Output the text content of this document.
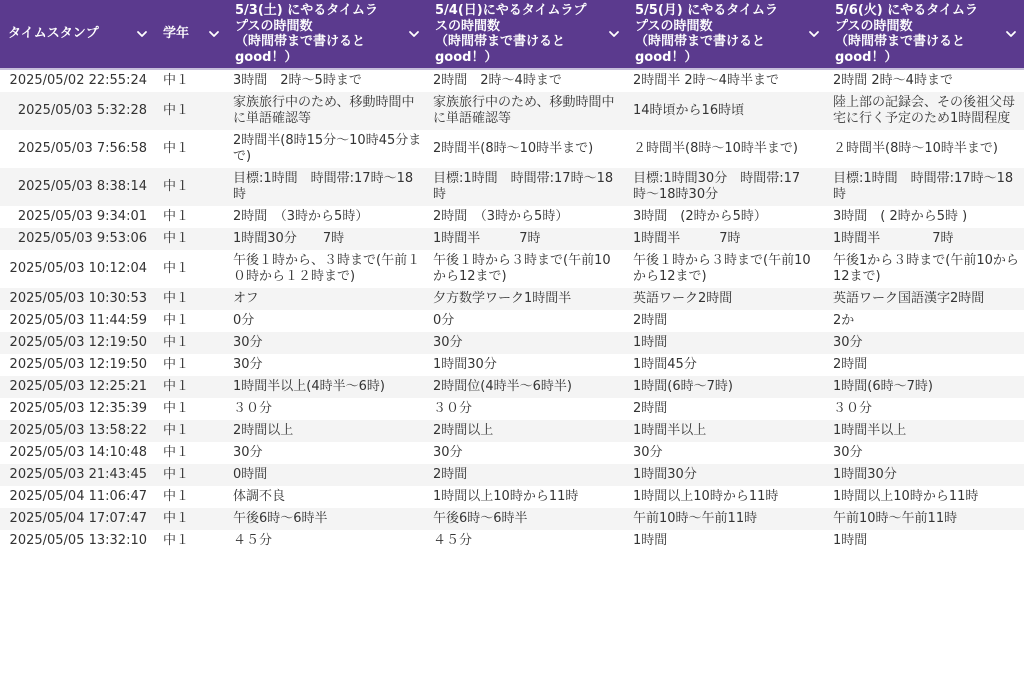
タイムスタンプ	学年	5/3(土) にやるタイムラ
プスの時間数
（時間帯まで書けると
good！）	5/4(日)にやるタイムラプ
スの時間数
（時間帯まで書けると
good！）	5/5(月) にやるタイムラ
プスの時間数
（時間帯まで書けると
good！）	5/6(火) にやるタイムラ
プスの時間数
（時間帯まで書けると
good！）

2025/05/02 22:55:24	中１	3時間　2時〜5時まで	2時間　2時〜4時まで	2時間半 2時〜4時半まで	2時間 2時〜4時まで
2025/05/03 5:32:28	中１	家族旅行中のため、移動時間中に単語確認等	家族旅行中のため、移動時間中に単語確認等	14時頃から16時頃	陸上部の記録会、その後祖父母宅に行く予定のため1時間程度
2025/05/03 7:56:58	中１	2時間半(8時15分〜10時45分まで)	2時間半(8時〜10時半まで)	２時間半(8時〜10時半まで)	２時間半(8時〜10時半まで)
2025/05/03 8:38:14	中１	目標:1時間　時間帯:17時〜18時	目標:1時間　時間帯:17時〜18時	目標:1時間30分　時間帯:17時〜18時30分	目標:1時間　時間帯:17時〜18時
2025/05/03 9:34:01	中１	2時間　（3時から5時）	2時間　（3時から5時）	3時間　(2時から5時）	3時間　( 2時から5時 )
2025/05/03 9:53:06	中１	1時間30分　　7時	1時間半　　　7時	1時間半　　　7時	1時間半　　　　7時
2025/05/03 10:12:04	中１	午後１時から、３時まで(午前１０時から１２時まで)	午後１時から３時まで(午前10から12まで)	午後１時から３時まで(午前10から12まで)	午後1から３時まで(午前10から12まで)
2025/05/03 10:30:53	中１	オフ	夕方数学ワーク1時間半	英語ワーク2時間	英語ワーク国語漢字2時間
2025/05/03 11:44:59	中１	0分	0分	2時間	2か
2025/05/03 12:19:50	中１	30分	30分	1時間	30分
2025/05/03 12:19:50	中１	30分	1時間30分	1時間45分	2時間
2025/05/03 12:25:21	中１	1時間半以上(4時半〜6時)	2時間位(4時半〜6時半)	1時間(6時〜7時)	1時間(6時〜7時)
2025/05/03 12:35:39	中１	３０分	３０分	2時間	３０分
2025/05/03 13:58:22	中１	2時間以上	2時間以上	1時間半以上	1時間半以上
2025/05/03 14:10:48	中１	30分	30分	30分	30分
2025/05/03 21:43:45	中１	0時間	2時間	1時間30分	1時間30分
2025/05/04 11:06:47	中１	体調不良	1時間以上10時から11時	1時間以上10時から11時	1時間以上10時から11時
2025/05/04 17:07:47	中１	午後6時〜6時半	午後6時〜6時半	午前10時〜午前11時	午前10時〜午前11時
2025/05/05 13:32:10	中１	４５分	４５分	1時間	1時間
